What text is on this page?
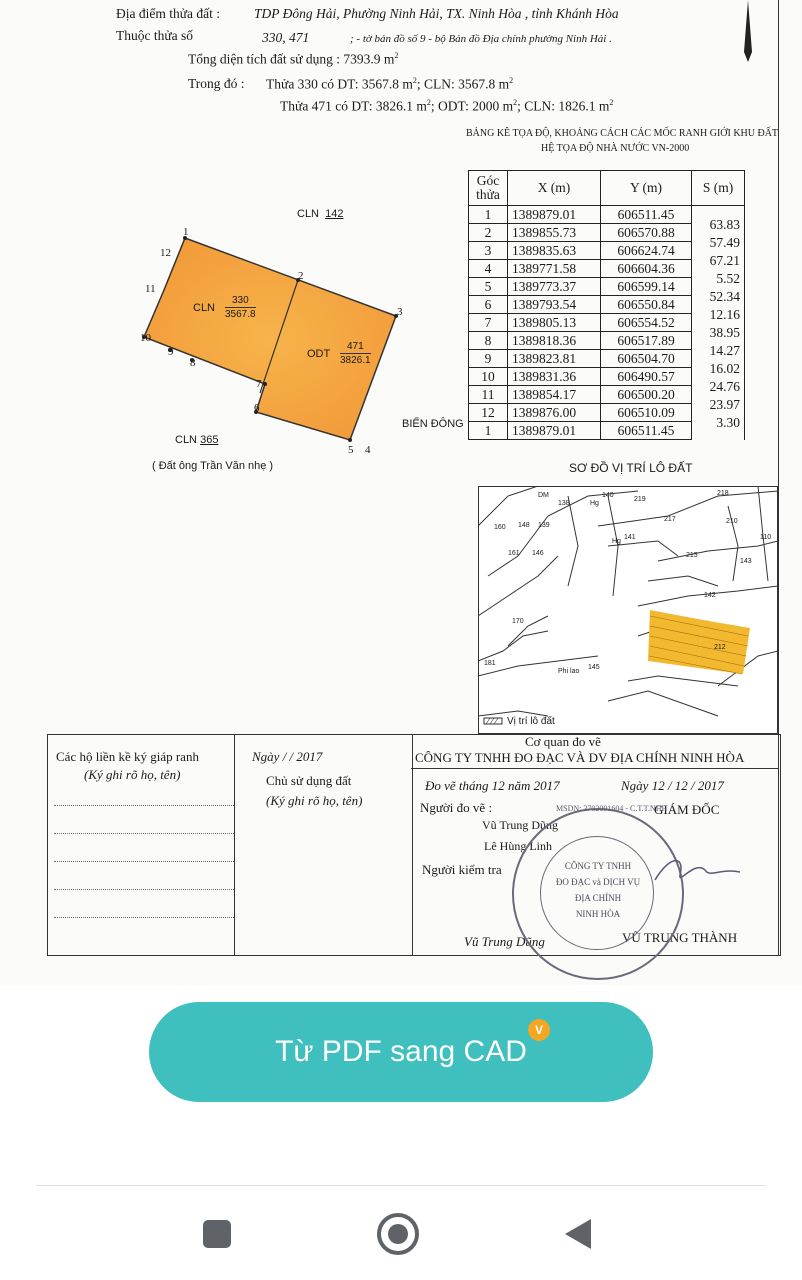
Địa điểm thửa đất :	TDP Đông Hải, Phường Ninh Hải, TX. Ninh Hòa , tỉnh Khánh Hòa
Thuộc thửa số	330, 471	; - tờ bản đồ số 9 - bộ Bản đồ Địa chính phường Ninh Hải .
Tổng diện tích đất sử dụng : 7393.9 $m^2$
Trong đó : Thửa 330 có DT: 3567.8 $m^2$; CLN: 3567.8 $m^2$
Thửa 471 có DT: 3826.1 $m^2$; ODT: 2000 $m^2$; CLN: 1826.1 $m^2$
1
2
3
4
5
6
7
8
9
10
11
12
CLN 142
CLN
330
3567.8
ODT
471
3826.1
CLN 365
( Đất ông Trần Văn nhẹ )
BIỂN ĐÔNG
BẢNG KÊ TỌA ĐỘ, KHOẢNG CÁCH CÁC MỐC RANH GIỚI KHU ĐẤT
HỆ TỌA ĐỘ NHÀ NƯỚC VN-2000
Góc thửa	X (m)	Y (m)	S (m)
1	1389879.01	606511.45	63.83
2	1389855.73	606570.88	57.49
3	1389835.63	606624.74	67.21
4	1389771.58	606604.36	5.52
5	1389773.37	606599.14	52.34
6	1389793.54	606550.84	12.16
7	1389805.13	606554.52	38.95
8	1389818.36	606517.89	14.27
9	1389823.81	606504.70	16.02
10	1389831.36	606490.57	24.76
11	1389854.17	606500.20	23.97
12	1389876.00	606510.09	3.30
1	1389879.01	606511.45	
SƠ ĐỒ VỊ TRÍ LÔ ĐẤT
Vị trí lô đất
DM
138
140
Hg
219
218
160 148 139
217	210
110
Hg
141
161 146	215
143
142
170
181
Phi lao
145
212
Các hộ liền kề ký giáp ranh
(Ký ghi rõ họ, tên)
Ngày / / 2017
Chủ sử dụng đất
(Ký ghi rõ họ, tên)
Cơ quan đo vẽ
CÔNG TY TNHH ĐO ĐẠC VÀ DV ĐỊA CHÍNH NINH HÒA
Đo vẽ tháng 12 năm 2017	Ngày 12 / 12 / 2017
Người đo vẽ :	GIÁM ĐỐC
Vũ Trung Dũng
Lê Hùng Linh
Người kiểm tra
Vũ Trung Dũng	VŨ TRUNG THÀNH
MSDN: 3702001604 - C.T.T.NHH
CÔNG TY TNHH
ĐO ĐẠC và DỊCH VỤ
ĐỊA CHÍNH
NINH HÒA
Từ PDF sang CAD
V
